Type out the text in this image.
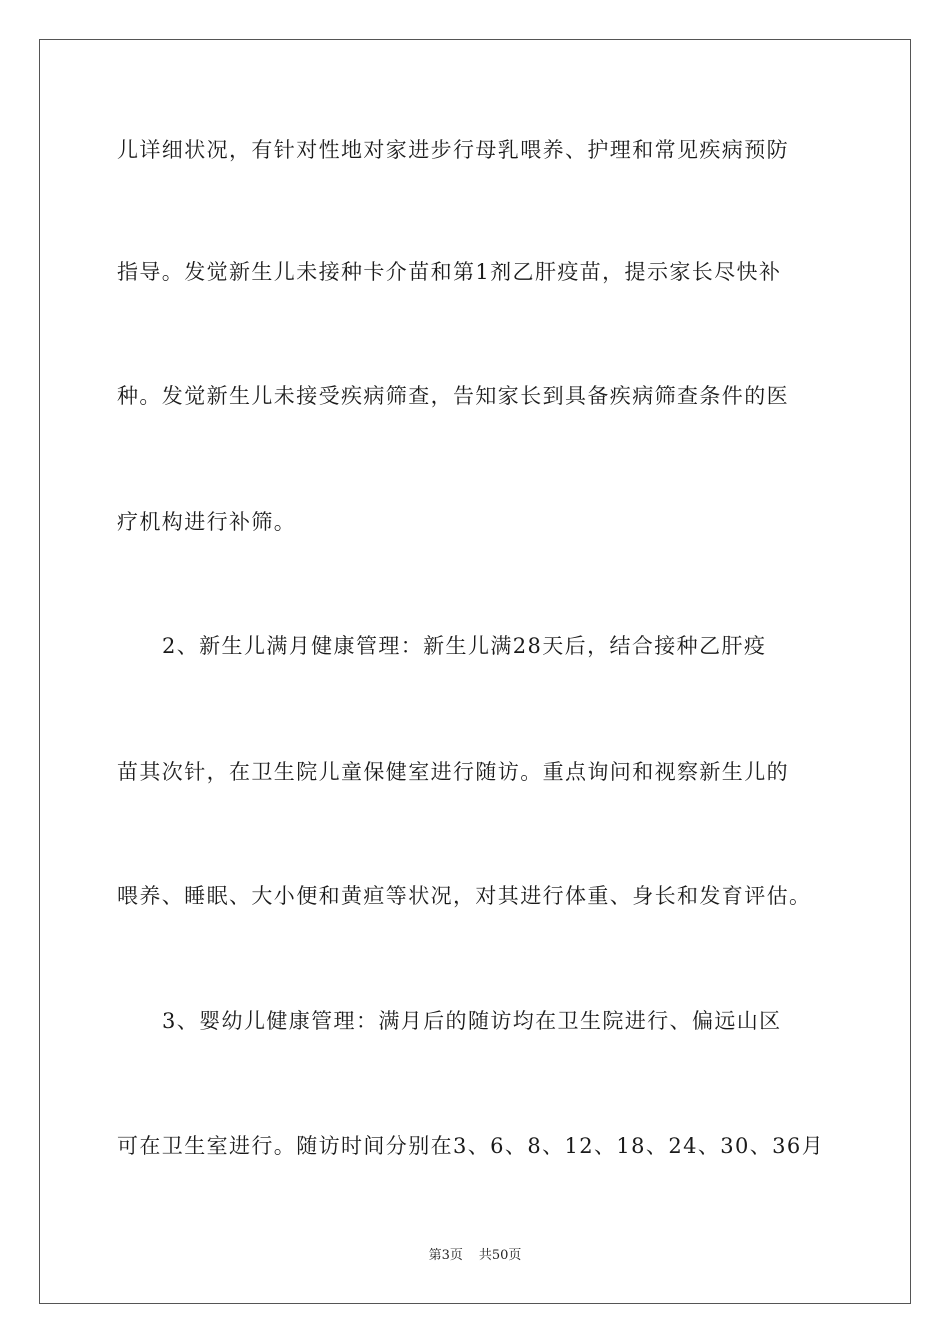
儿详细状况，有针对性地对家进步行母乳喂养、护理和常见疾病预防
指导。发觉新生儿未接种卡介苗和第1剂乙肝疫苗，提示家长尽快补
种。发觉新生儿未接受疾病筛查，告知家长到具备疾病筛查条件的医
疗机构进行补筛。
2、新生儿满月健康管理：新生儿满28天后，结合接种乙肝疫
苗其次针，在卫生院儿童保健室进行随访。重点询问和视察新生儿的
喂养、睡眠、大小便和黄疸等状况，对其进行体重、身长和发育评估。
3、婴幼儿健康管理：满月后的随访均在卫生院进行、偏远山区
可在卫生室进行。随访时间分别在3、6、8、12、18、24、30、36月
第3页 共50页
